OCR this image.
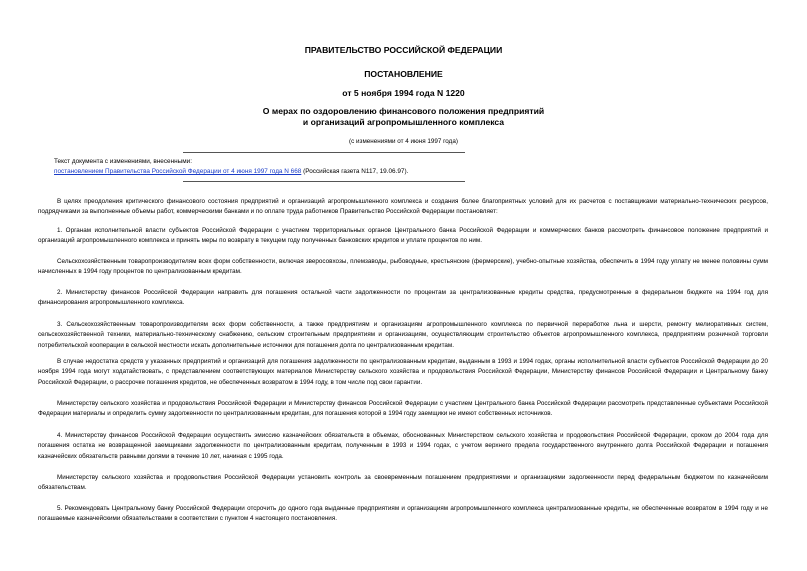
ПРАВИТЕЛЬСТВО РОССИЙСКОЙ ФЕДЕРАЦИИ
ПОСТАНОВЛЕНИЕ
от 5 ноября 1994 года N 1220
О мерах по оздоровлению финансового положения предприятий
и организаций агропромышленного комплекса
(с изменениями от 4 июня 1997 года)
Текст документа с изменениями, внесенными:
постановлением Правительства Российской Федерации от 4 июня 1997 года N 668 (Российская газета N117, 19.06.97).

В целях преодоления критического финансового состояния предприятий и организаций агропромышленного комплекса и создания более благоприятных условий для их расчетов с поставщиками материально-технических ресурсов, подрядчиками за выполненные объемы работ, коммерческими банками и по оплате труда работников Правительство Российской Федерации постановляет:

1. Органам исполнительной власти субъектов Российской Федерации с участием территориальных органов Центрального банка Российской Федерации и коммерческих банков рассмотреть финансовое положение предприятий и организаций агропромышленного комплекса и принять меры по возврату в текущем году полученных банковских кредитов и уплате процентов по ним.

Сельскохозяйственным товаропроизводителям всех форм собственности, включая зверосовхозы, племзаводы, рыбоводные, крестьянские (фермерские), учебно-опытные хозяйства, обеспечить в 1994 году уплату не менее половины сумм начисленных в 1994 году процентов по централизованным кредитам.

2. Министерству финансов Российской Федерации направить для погашения остальной части задолженности по процентам за централизованные кредиты средства, предусмотренные в федеральном бюджете на 1994 год для финансирования агропромышленного комплекса.

3. Сельскохозяйственным товаропроизводителям всех форм собственности, а также предприятиям и организациям агропромышленного комплекса по первичной переработке льна и шерсти, ремонту мелиоративных систем, сельскохозяйственной техники, материально-техническому снабжению, сельским строительным предприятиям и организациям, осуществляющим строительство объектов агропромышленного комплекса, предприятиям розничной торговли потребительской кооперации в сельской местности искать дополнительные источники для погашения долга по централизованным кредитам.

В случае недостатка средств у указанных предприятий и организаций для погашения задолженности по централизованным кредитам, выданным в 1993 и 1994 годах, органы исполнительной власти субъектов Российской Федерации до 20 ноября 1994 года могут ходатайствовать, с представлением соответствующих материалов Министерству сельского хозяйства и продовольствия Российской Федерации, Министерству финансов Российской Федерации и Центральному банку Российской Федерации, о рассрочке погашения кредитов, не обеспеченных возвратом в 1994 году, в том числе под свои гарантии.

Министерству сельского хозяйства и продовольствия Российской Федерации и Министерству финансов Российской Федерации с участием Центрального банка Российской Федерации рассмотреть представленные субъектами Российской Федерации материалы и определить сумму задолженности по централизованным кредитам, для погашения которой в 1994 году заемщики не имеют собственных источников.

4. Министерству финансов Российской Федерации осуществить эмиссию казначейских обязательств в объемах, обоснованных Министерством сельского хозяйства и продовольствия Российской Федерации, сроком до 2004 года для погашения остатка не возвращенной заемщиками задолженности по централизованным кредитам, полученным в 1993 и 1994 годах, с учетом верхнего предела государственного внутреннего долга Российской Федерации и погашения казначейских обязательств равными долями в течение 10 лет, начиная с 1995 года.

Министерству сельского хозяйства и продовольствия Российской Федерации установить контроль за своевременным погашением предприятиями и организациями задолженности перед федеральным бюджетом по казначейским обязательствам.

5. Рекомендовать Центральному банку Российской Федерации отсрочить до одного года выданные предприятиям и организациям агропромышленного комплекса централизованные кредиты, не обеспеченные возвратом в 1994 году и не погашаемые казначейскими обязательствами в соответствии с пунктом 4 настоящего постановления.
